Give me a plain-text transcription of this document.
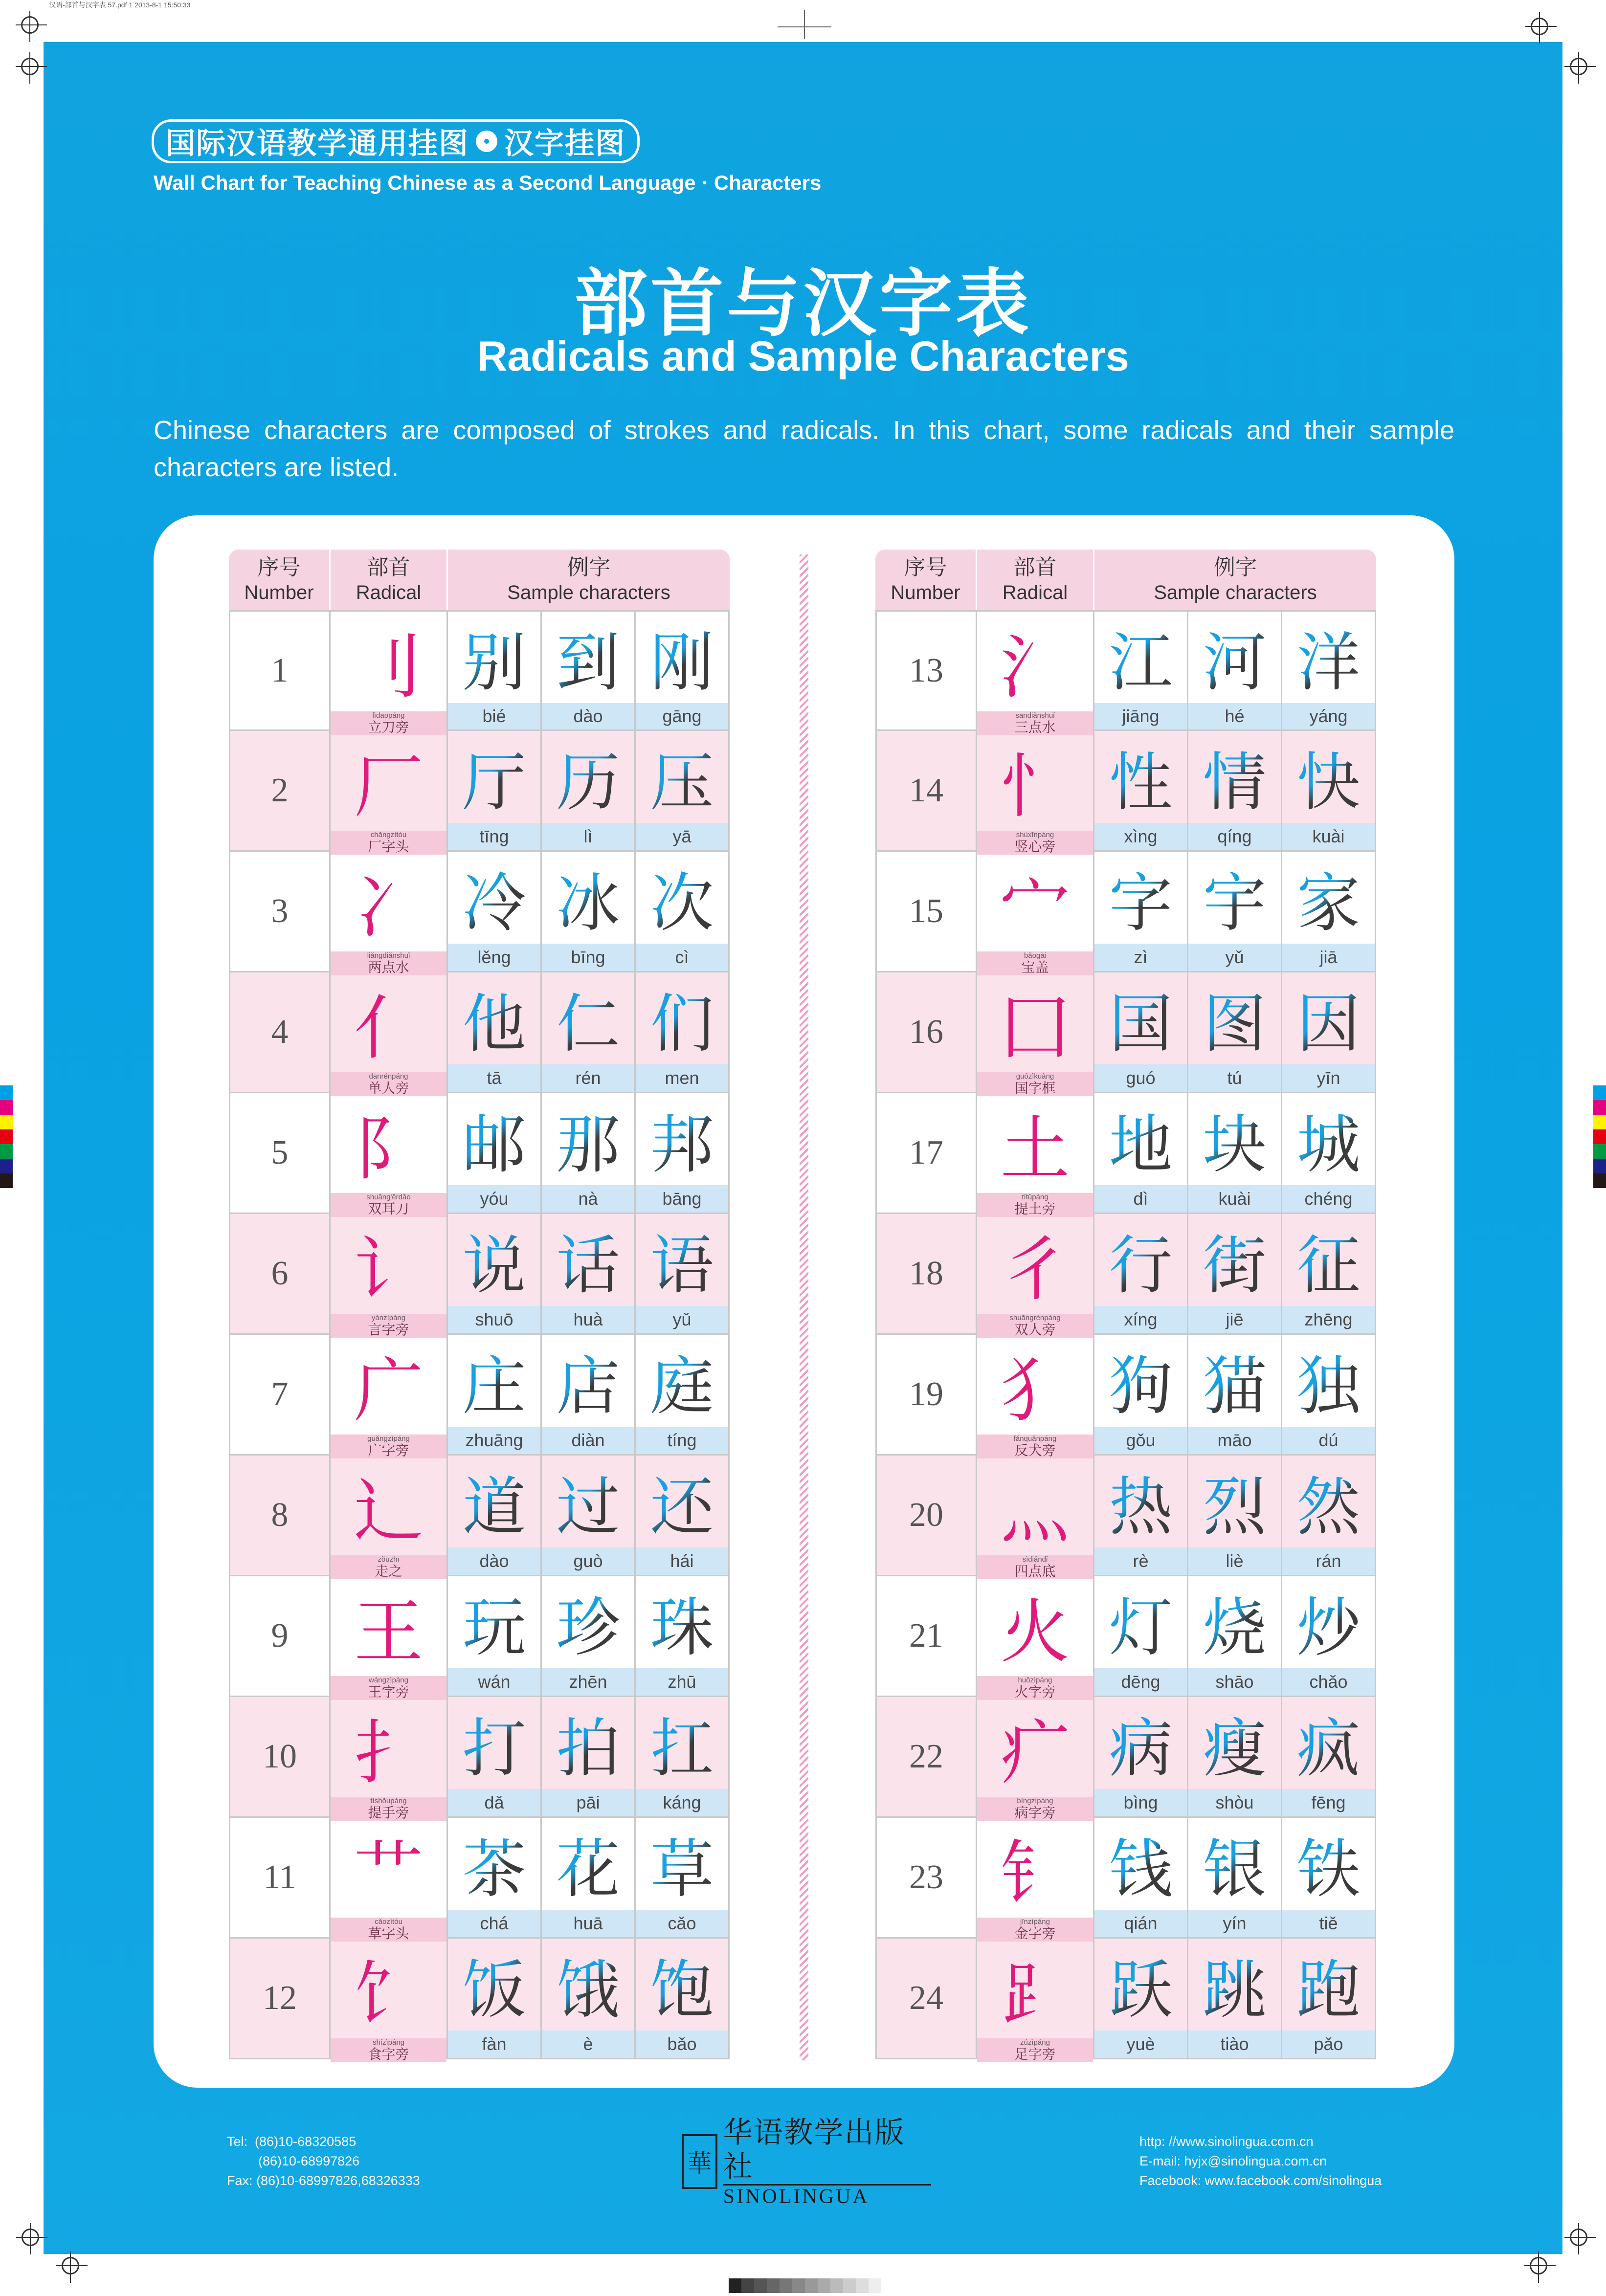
汉语-部首与汉字表 57.pdf 1 2013-8-1 15:50:33
国际汉语教学通用挂图 汉字挂图
Wall Chart for Teaching Chinese as a Second Language · Characters
部首与汉字表
Radicals and Sample Characters
Chinese characters are composed of strokes and radicals. In this chart, some radicals and their sample characters are listed.
序号
Number
部首
Radical
例字
Sample characters
1 刂
lìdāopáng
立刀旁
别
bié
到
dào
刚
gāng
2 厂
chǎngzìtóu
厂字头
厅
tīng
历
lì
压
yā
3 冫
liǎngdiǎnshuǐ
两点水
冷
lěng
冰
bīng
次
cì
4 亻
dānrénpáng
单人旁
他
tā
仁
rén
们
men
5 阝
shuāng'ěrdāo
双耳刀
邮
yóu
那
nà
邦
bāng
6 讠
yánzìpáng
言字旁
说
shuō
话
huà
语
yǔ
7 广
guǎngzìpáng
广字旁
庄
zhuāng
店
diàn
庭
tíng
8 辶
zǒuzhī
走之
道
dào
过
guò
还
hái
9 王
wángzìpáng
王字旁
玩
wán
珍
zhēn
珠
zhū
10 扌
tíshǒupáng
提手旁
打
dǎ
拍
pāi
扛
káng
11 艹
cǎozìtóu
草字头
茶
chá
花
huā
草
cǎo
12 饣
shízìpáng
食字旁
饭
fàn
饿
è
饱
bǎo
序号
Number
部首
Radical
例字
Sample characters
13 氵
sāndiǎnshuǐ
三点水
江
jiāng
河
hé
洋
yáng
14 忄
shùxīnpáng
竖心旁
性
xìng
情
qíng
快
kuài
15 宀
bǎogài
宝盖
字
zì
宇
yǔ
家
jiā
16 囗
guózìkuàng
国字框
国
guó
图
tú
因
yīn
17 土
títǔpáng
提土旁
地
dì
块
kuài
城
chéng
18 彳
shuāngrénpáng
双人旁
行
xíng
街
jiē
征
zhēng
19 犭
fǎnquǎnpáng
反犬旁
狗
gǒu
猫
māo
独
dú
20 灬
sìdiǎndǐ
四点底
热
rè
烈
liè
然
rán
21 火
huǒzìpáng
火字旁
灯
dēng
烧
shāo
炒
chǎo
22 疒
bìngzìpáng
病字旁
病
bìng
瘦
shòu
疯
fēng
23 钅
jīnzìpáng
金字旁
钱
qián
银
yín
铁
tiě
24 ⻊
zúzìpáng
足字旁
跃
yuè
跳
tiào
跑
pǎo
Tel: (86)10-68320585
(86)10-68997826
Fax: (86)10-68997826,68326333
華
华语教学出版社
SINOLINGUA
http: //www.sinolingua.com.cn
E-mail: hyjx@sinolingua.com.cn
Facebook: www.facebook.com/sinolingua
